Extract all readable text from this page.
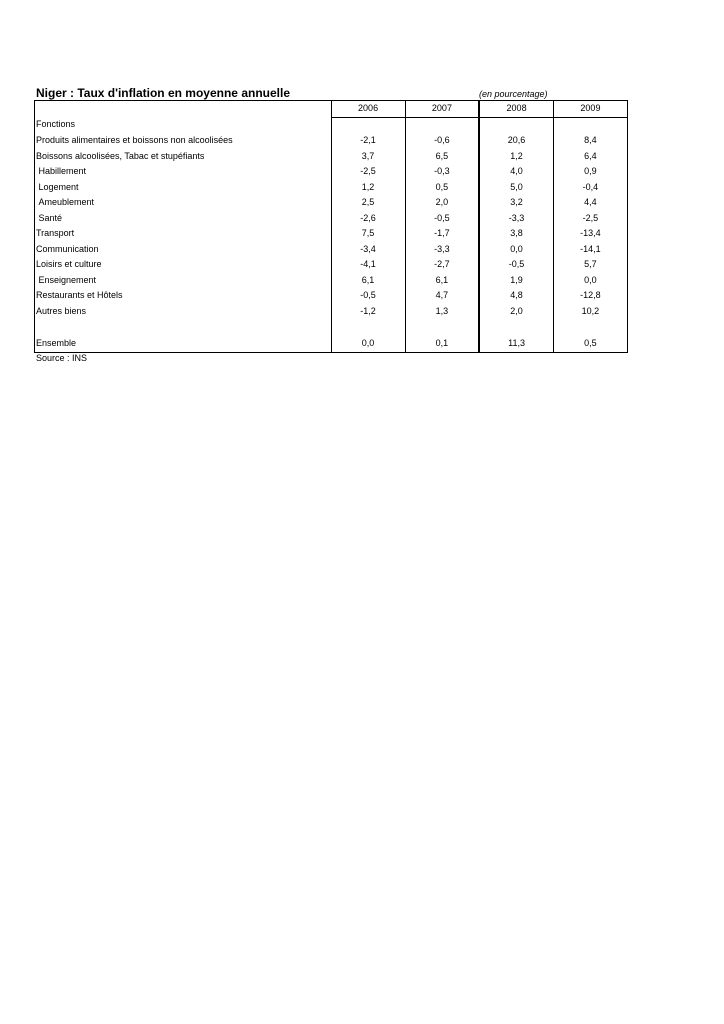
Niger : Taux d'inflation en moyenne annuelle	(en pourcentage)
	2006	2007	2008	2009
Fonctions				
Produits alimentaires et boissons non alcoolisées	-2,1	-0,6	20,6	8,4
Boissons alcoolisées, Tabac et stupéfiants	3,7	6,5	1,2	6,4
Habillement	-2,5	-0,3	4,0	0,9
Logement	1,2	0,5	5,0	-0,4
Ameublement	2,5	2,0	3,2	4,4
Santé	-2,6	-0,5	-3,3	-2,5
Transport	7,5	-1,7	3,8	-13,4
Communication	-3,4	-3,3	0,0	-14,1
Loisirs et culture	-4,1	-2,7	-0,5	5,7
Enseignement	6,1	6,1	1,9	0,0
Restaurants et Hôtels	-0,5	4,7	4,8	-12,8
Autres biens	-1,2	1,3	2,0	10,2

Ensemble	0,0	0,1	11,3	0,5
Source : INS
